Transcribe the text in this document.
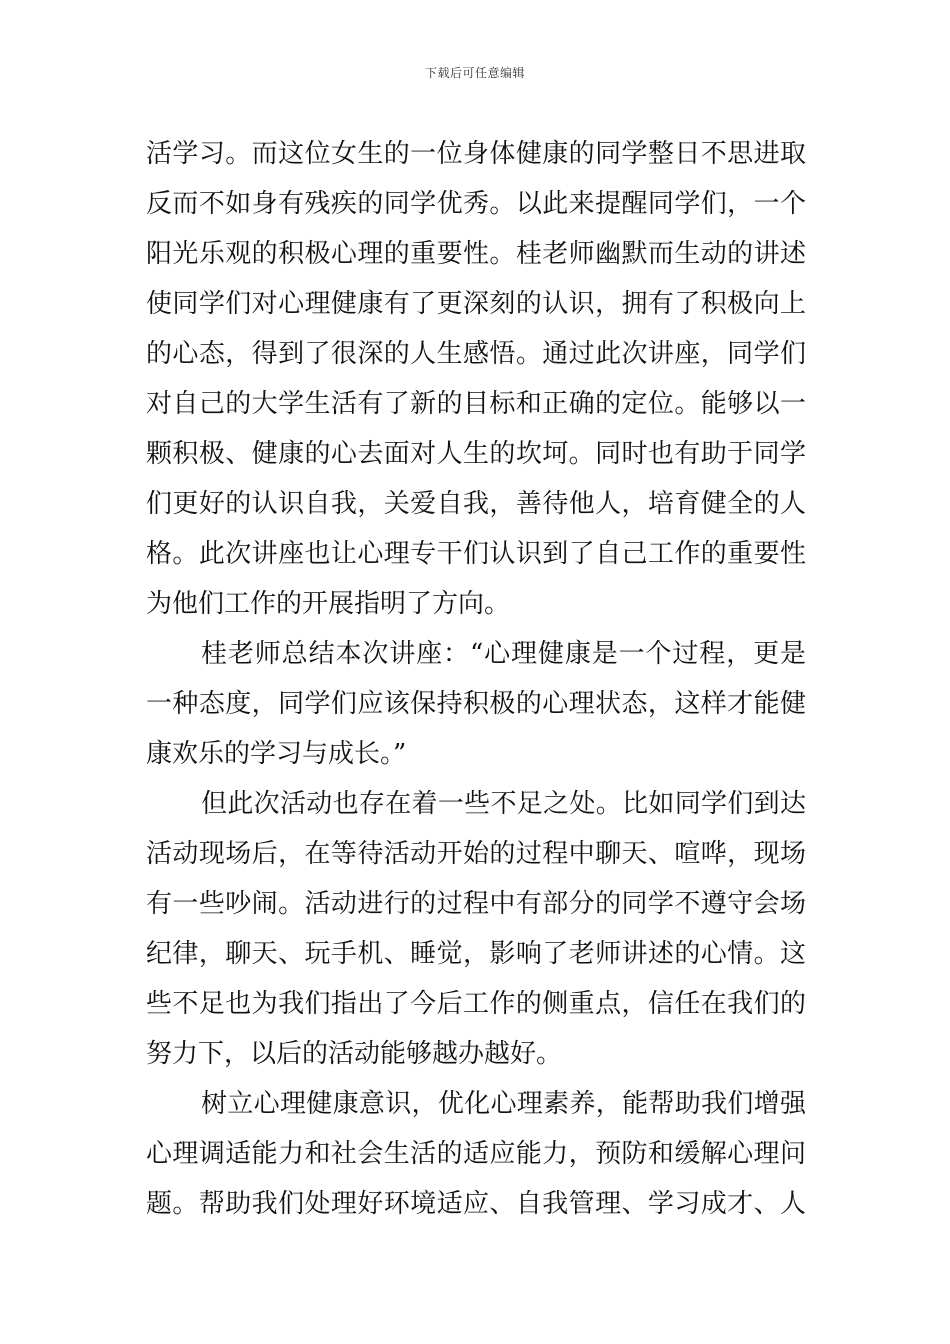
下载后可任意编辑
活学习。而这位女生的一位身体健康的同学整日不思进取
反而不如身有残疾的同学优秀。以此来提醒同学们，一个
阳光乐观的积极心理的重要性。桂老师幽默而生动的讲述
使同学们对心理健康有了更深刻的认识，拥有了积极向上
的心态，得到了很深的人生感悟。通过此次讲座，同学们
对自己的大学生活有了新的目标和正确的定位。能够以一
颗积极、健康的心去面对人生的坎坷。同时也有助于同学
们更好的认识自我，关爱自我，善待他人，培育健全的人
格。此次讲座也让心理专干们认识到了自己工作的重要性
为他们工作的开展指明了方向。
桂老师总结本次讲座：“心理健康是一个过程，更是
一种态度，同学们应该保持积极的心理状态，这样才能健
康欢乐的学习与成长。”
但此次活动也存在着一些不足之处。比如同学们到达
活动现场后，在等待活动开始的过程中聊天、喧哗，现场
有一些吵闹。活动进行的过程中有部分的同学不遵守会场
纪律，聊天、玩手机、睡觉，影响了老师讲述的心情。这
些不足也为我们指出了今后工作的侧重点，信任在我们的
努力下，以后的活动能够越办越好。
树立心理健康意识，优化心理素养，能帮助我们增强
心理调适能力和社会生活的适应能力，预防和缓解心理问
题。帮助我们处理好环境适应、自我管理、学习成才、人
